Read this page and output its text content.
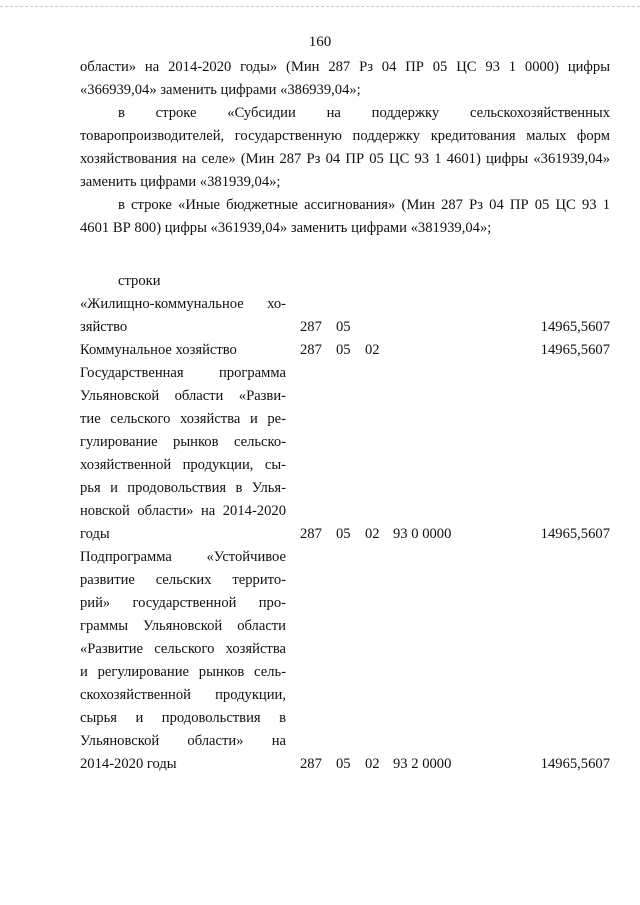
160

области» на 2014-2020 годы» (Мин 287 Рз 04 ПР 05 ЦС 93 1 0000) цифры «366939,04» заменить цифрами «386939,04»;

в строке «Субсидии на поддержку сельскохозяйственных товаропроизводителей, государственную поддержку кредитования малых форм хозяйствования на селе» (Мин 287 Рз 04 ПР 05 ЦС 93 1 4601) цифры «361939,04» заменить цифрами «381939,04»;

в строке «Иные бюджетные ассигнования» (Мин 287 Рз 04 ПР 05 ЦС 93 1 4601 ВР 800) цифры «361939,04» заменить цифрами «381939,04»;

строки
«Жилищно-коммунальное хо-
зяйство	287 05	14965,5607
Коммунальное хозяйство	287 05 02	14965,5607
Государственная программа
Ульяновской области «Разви-
тие сельского хозяйства и ре-
гулирование рынков сельско-
хозяйственной продукции, сы-
рья и продовольствия в Улья-
новской области» на 2014-2020
годы	287 05 02 93 0 0000	14965,5607
Подпрограмма «Устойчивое
развитие сельских террито-
рий» государственной про-
граммы Ульяновской области
«Развитие сельского хозяйства
и регулирование рынков сель-
скохозяйственной продукции,
сырья и продовольствия в
Ульяновской области» на
2014-2020 годы	287 05 02 93 2 0000	14965,5607
